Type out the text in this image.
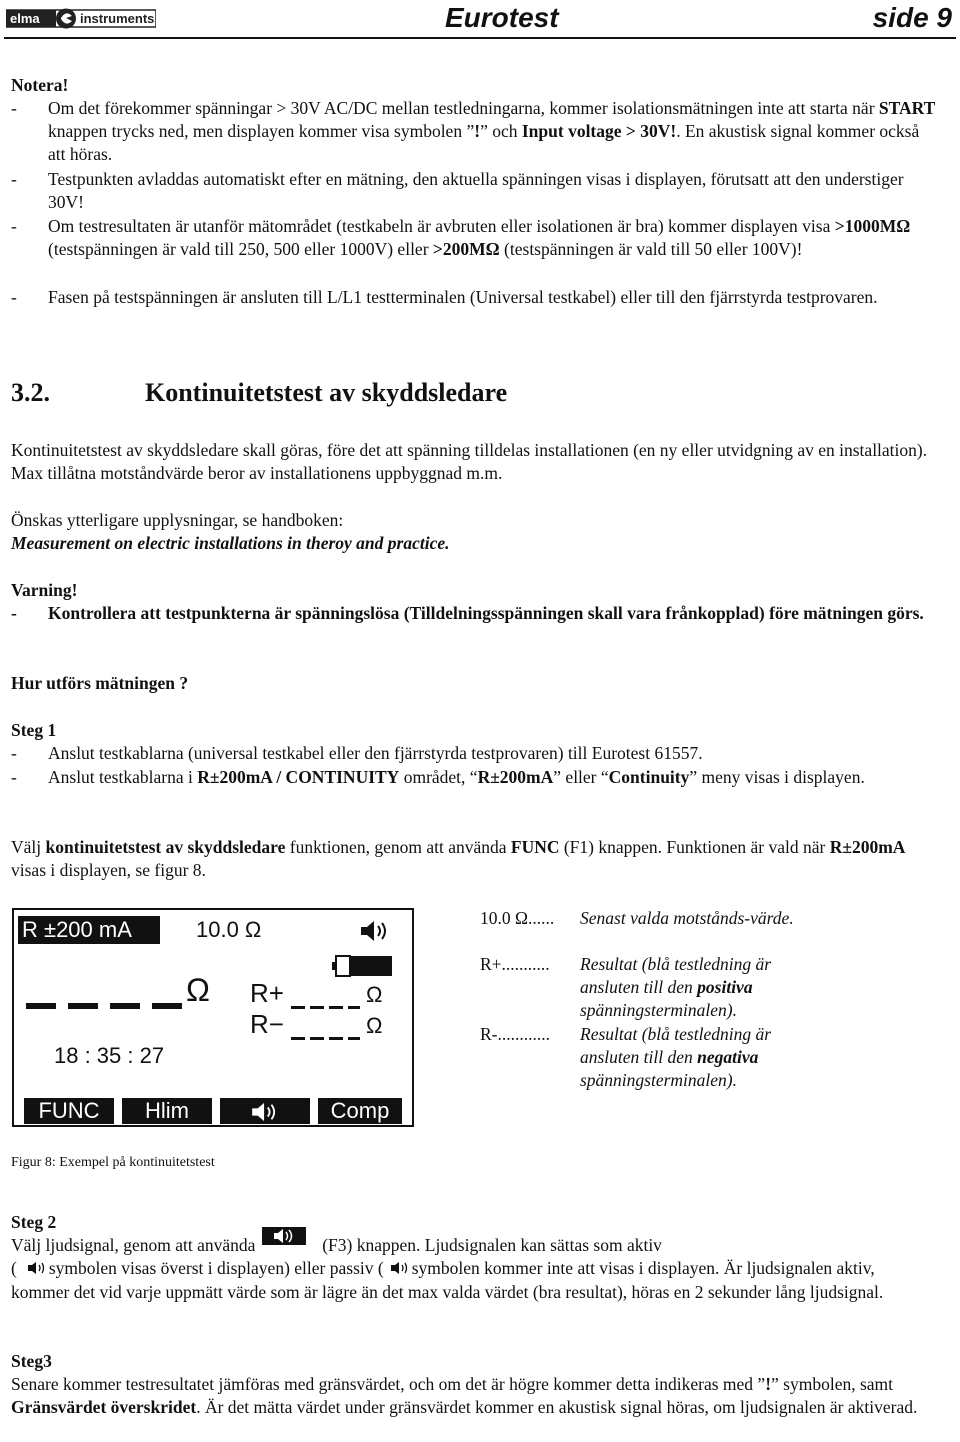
elma	instruments	Eurotest	side 9
Notera!
-	Om det förekommer spänningar > 30V AC/DC mellan testledningarna, kommer isolationsmätningen inte att starta när START knappen trycks ned, men displayen kommer visa symbolen ”!” och Input voltage > 30V!. En akustisk signal kommer också att höras.
-	Testpunkten avladdas automatiskt efter en mätning, den aktuella spänningen visas i displayen, förutsatt att den understiger 30V!
-	Om testresultaten är utanför mätområdet (testkabeln är avbruten eller isolationen är bra) kommer displayen visa >1000MΩ (testspänningen är vald till 250, 500 eller 1000V) eller >200MΩ (testspänningen är vald till 50 eller 100V)!
-	Fasen på testspänningen är ansluten till L/L1 testterminalen (Universal testkabel) eller till den fjärrstyrda testprovaren.
3.2.	Kontinuitetstest av skyddsledare
Kontinuitetstest av skyddsledare skall göras, före det att spänning tilldelas installationen (en ny eller utvidgning av en installation). Max tillåtna motståndvärde beror av installationens uppbyggnad m.m.
Önskas ytterligare upplysningar, se handboken:
Measurement on electric installations in theroy and practice.
Varning!
-	Kontrollera att testpunkterna är spänningslösa (Tilldelningsspänningen skall vara frånkopplad) före mätningen görs.
Hur utförs mätningen ?
Steg 1
-	Anslut testkablarna (universal testkabel eller den fjärrstyrda testprovaren) till Eurotest 61557.
-	Anslut testkablarna i R±200mA / CONTINUITY området, “R±200mA” eller “Continuity” meny visas i displayen.
Välj kontinuitetstest av skyddsledare funktionen, genom att använda FUNC (F1) knappen. Funktionen är vald när R±200mA visas i displayen, se figur 8.
R ±200 mA	10.0 Ω
Ω R+	Ω
R−	Ω
18 : 35 : 27
FUNC	Hlim	Comp
10.0 Ω......	Senast valda motstånds-värde.
R+...........	Resultat (blå testledning är ansluten till den positiva spänningsterminalen).
R-............	Resultat (blå testledning är ansluten till den negativa spänningsterminalen).
Figur 8: Exempel på kontinuitetstest
Steg 2
Välj ljudsignal, genom att använda	(F3) knappen. Ljudsignalen kan sättas som aktiv
( symbolen visas överst i displayen) eller passiv ( symbolen kommer inte att visas i displayen. Är ljudsignalen aktiv, kommer det vid varje uppmätt värde som är lägre än det max valda värdet (bra resultat), höras en 2 sekunder lång ljudsignal.
Steg3
Senare kommer testresultatet jämföras med gränsvärdet, och om det är högre kommer detta indikeras med ”!” symbolen, samt Gränsvärdet överskridet. Är det mätta värdet under gränsvärdet kommer en akustisk signal höras, om ljudsignalen är aktiverad.
